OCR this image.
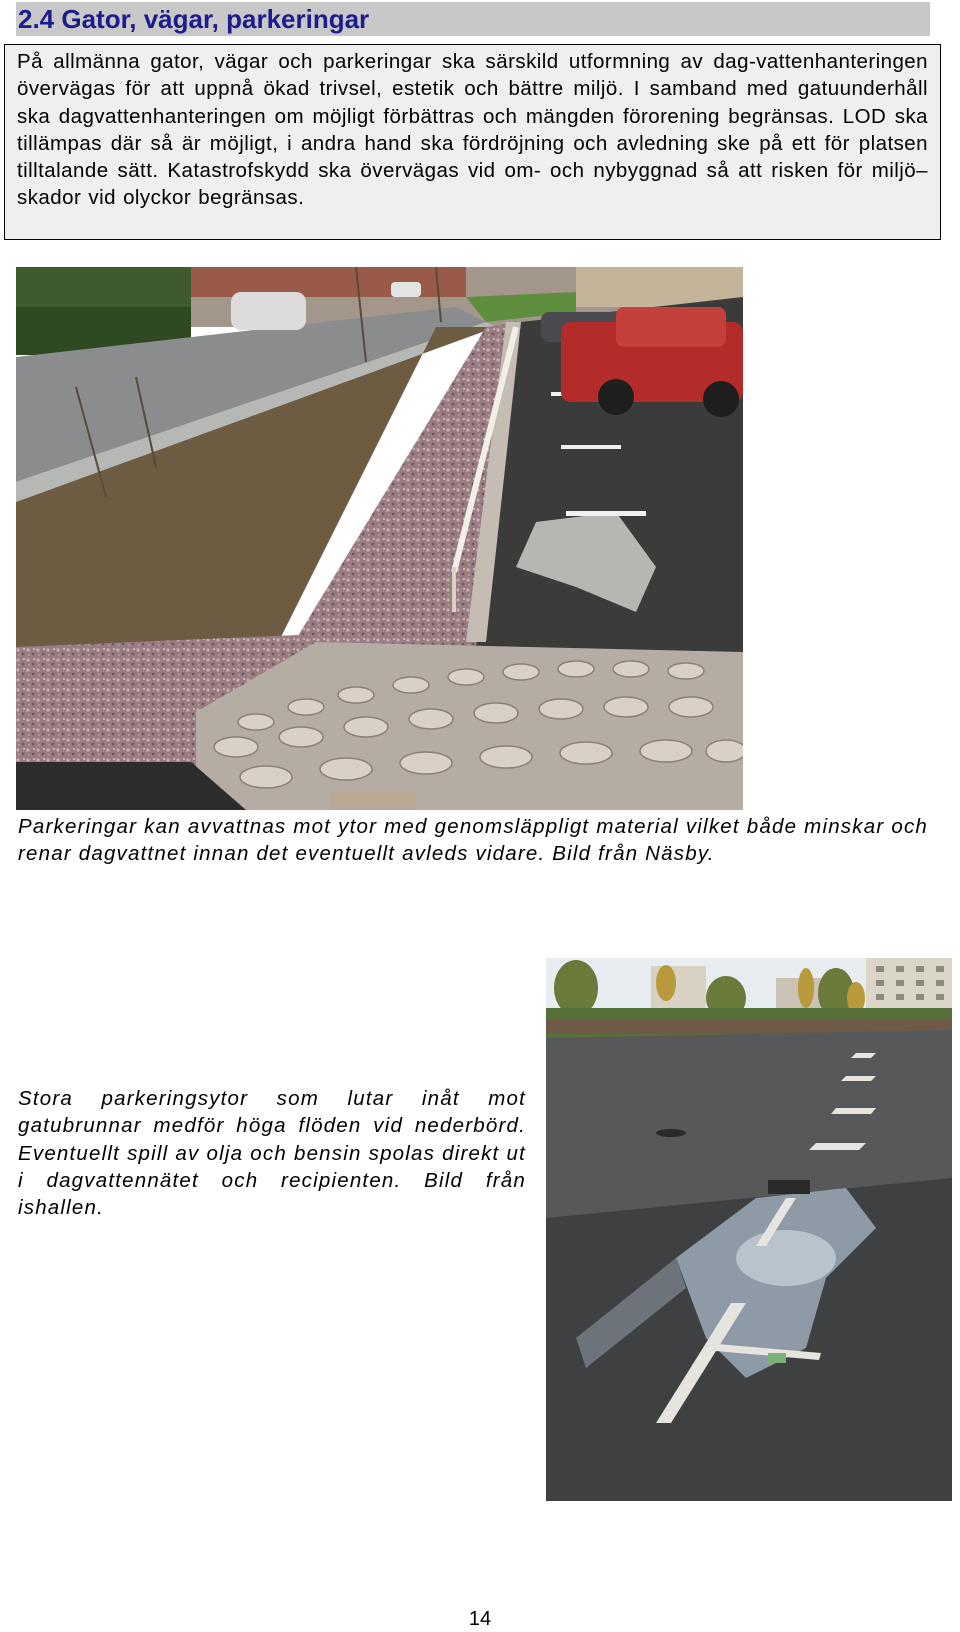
2.4 Gator, vägar, parkeringar

På allmänna gator, vägar och parkeringar ska särskild utformning av dag-vattenhanteringen övervägas för att uppnå ökad trivsel, estetik och bättre miljö. I samband med gatuunderhåll ska dagvattenhanteringen om möjligt förbättras och mängden förorening begränsas. LOD ska tillämpas där så är möjligt, i andra hand ska fördröjning och avledning ske på ett för platsen tilltalande sätt. Katastrofskydd ska övervägas vid om- och nybyggnad så att risken för miljö– skador vid olyckor begränsas.

Parkeringar kan avvattnas mot ytor med genomsläppligt material vilket både minskar och renar dagvattnet innan det eventuellt avleds vidare. Bild från Näsby.

Stora parkeringsytor som lutar inåt mot gatubrunnar medför höga flöden vid nederbörd. Eventuellt spill av olja och bensin spolas direkt ut i dagvattennätet och recipienten. Bild från ishallen.

14
